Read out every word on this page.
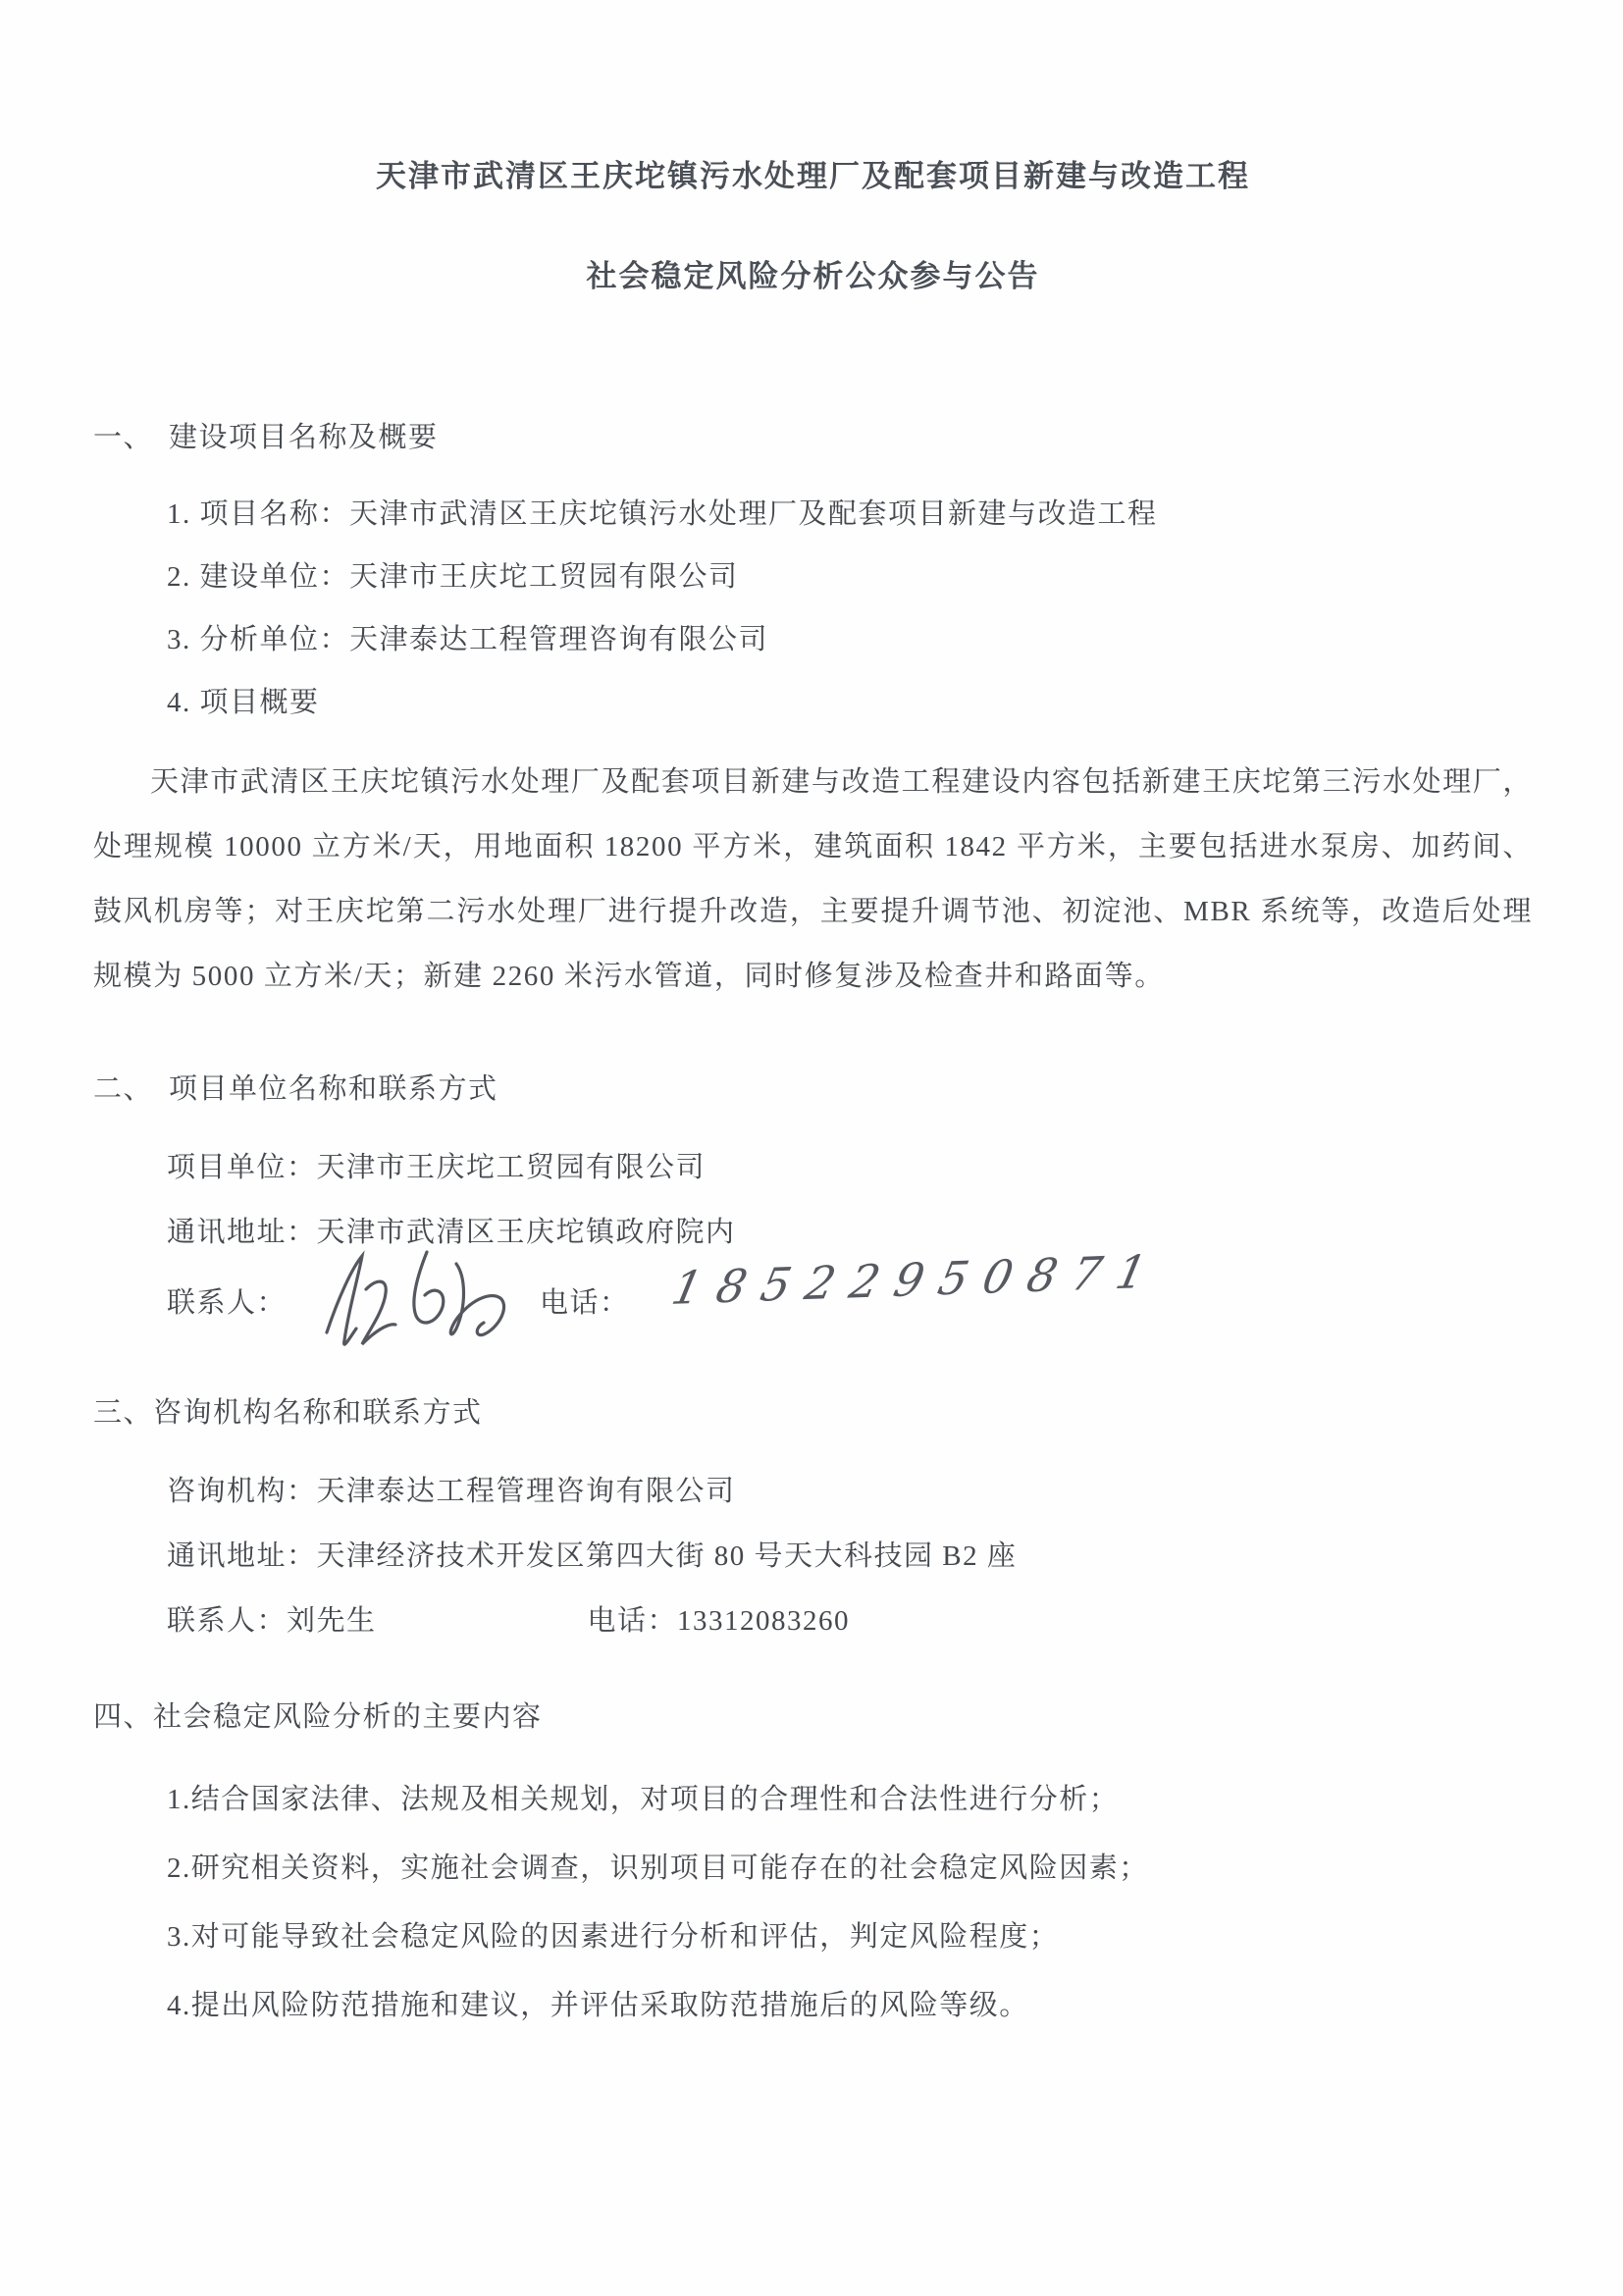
天津市武清区王庆坨镇污水处理厂及配套项目新建与改造工程
社会稳定风险分析公众参与公告
一、　建设项目名称及概要
1. 项目名称：天津市武清区王庆坨镇污水处理厂及配套项目新建与改造工程
2. 建设单位：天津市王庆坨工贸园有限公司
3. 分析单位：天津泰达工程管理咨询有限公司
4. 项目概要
天津市武清区王庆坨镇污水处理厂及配套项目新建与改造工程建设内容包括新建王庆坨第三污水处理厂，处理规模 10000 立方米/天，用地面积 18200 平方米，建筑面积 1842 平方米，主要包括进水泵房、加药间、鼓风机房等；对王庆坨第二污水处理厂进行提升改造，主要提升调节池、初淀池、MBR 系统等，改造后处理规模为 5000 立方米/天；新建 2260 米污水管道，同时修复涉及检查井和路面等。
二、　项目单位名称和联系方式
项目单位：天津市王庆坨工贸园有限公司
通讯地址：天津市武清区王庆坨镇政府院内
联系人：	电话： 18522950871
三、咨询机构名称和联系方式
咨询机构：天津泰达工程管理咨询有限公司
通讯地址：天津经济技术开发区第四大街 80 号天大科技园 B2 座
联系人：刘先生	电话：13312083260
四、社会稳定风险分析的主要内容
1.结合国家法律、法规及相关规划，对项目的合理性和合法性进行分析；
2.研究相关资料，实施社会调查，识别项目可能存在的社会稳定风险因素；
3.对可能导致社会稳定风险的因素进行分析和评估，判定风险程度；
4.提出风险防范措施和建议，并评估采取防范措施后的风险等级。
